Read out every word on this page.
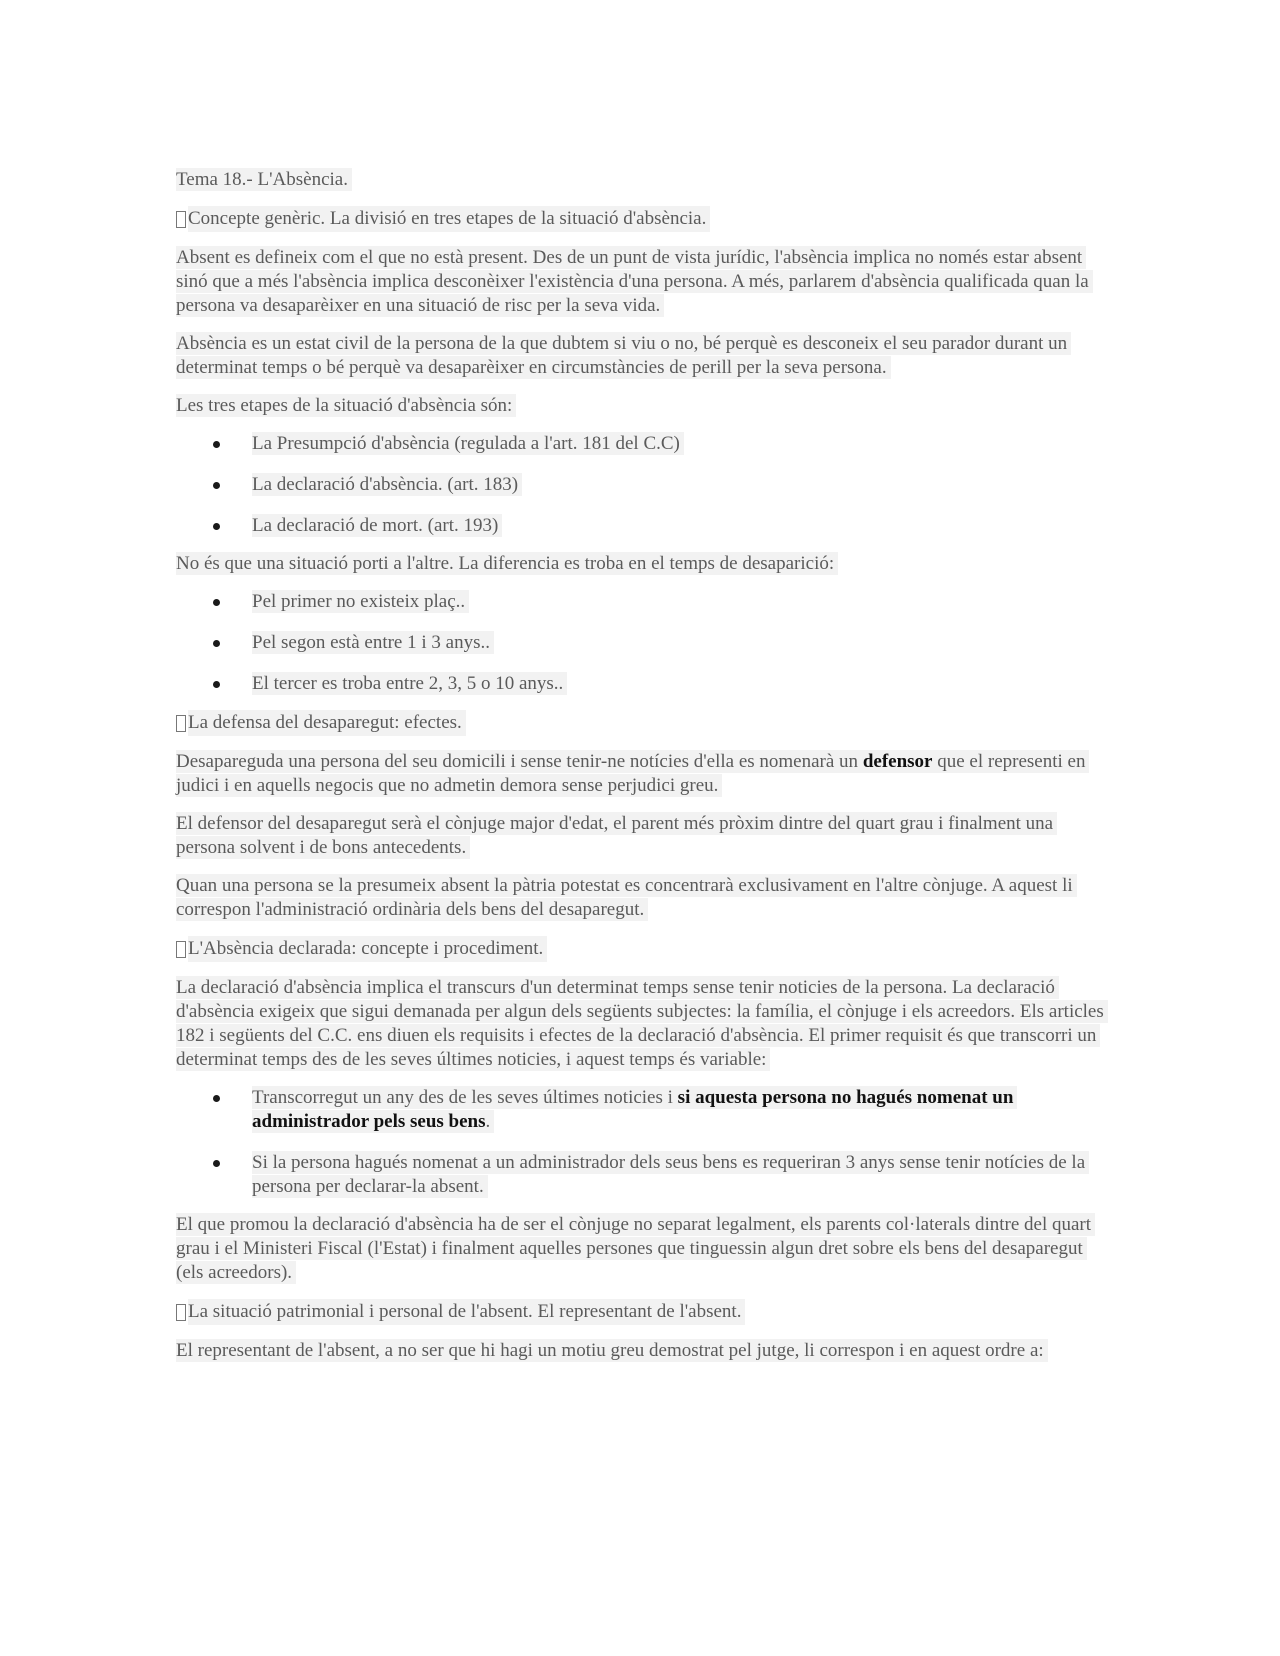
Tema 18.- L'Absència.
Concepte genèric. La divisió en tres etapes de la situació d'absència.

Absent es defineix com el que no està present. Des de un punt de vista jurídic, l'absència implica no només estar absent sinó que a més l'absència implica desconèixer l'existència d'una persona. A més, parlarem d'absència qualificada quan la persona va desaparèixer en una situació de risc per la seva vida.

Absència es un estat civil de la persona de la que dubtem si viu o no, bé perquè es desconeix el seu parador durant un determinat temps o bé perquè va desaparèixer en circumstàncies de perill per la seva persona.

Les tres etapes de la situació d'absència són:

La Presumpció d'absència (regulada a l'art. 181 del C.C)
La declaració d'absència. (art. 183)
La declaració de mort. (art. 193)

No és que una situació porti a l'altre. La diferencia es troba en el temps de desaparició:

Pel primer no existeix plaç..
Pel segon està entre 1 i 3 anys..
El tercer es troba entre 2, 3, 5 o 10 anys..
La defensa del desaparegut: efectes.

Desapareguda una persona del seu domicili i sense tenir-ne notícies d'ella es nomenarà un defensor que el representi en judici i en aquells negocis que no admetin demora sense perjudici greu.

El defensor del desaparegut serà el cònjuge major d'edat, el parent més pròxim dintre del quart grau i finalment una persona solvent i de bons antecedents.

Quan una persona se la presumeix absent la pàtria potestat es concentrarà exclusivament en l'altre cònjuge. A aquest li correspon l'administració ordinària dels bens del desaparegut.

L'Absència declarada: concepte i procediment.

La declaració d'absència implica el transcurs d'un determinat temps sense tenir noticies de la persona. La declaració d'absència exigeix que sigui demanada per algun dels següents subjectes: la família, el cònjuge i els acreedors. Els articles 182 i següents del C.C. ens diuen els requisits i efectes de la declaració d'absència. El primer requisit és que transcorri un determinat temps des de les seves últimes noticies, i aquest temps és variable:

Transcorregut un any des de les seves últimes noticies i si aquesta persona no hagués nomenat un administrador pels seus bens.
Si la persona hagués nomenat a un administrador dels seus bens es requeriran 3 anys sense tenir notícies de la persona per declarar-la absent.

El que promou la declaració d'absència ha de ser el cònjuge no separat legalment, els parents col·laterals dintre del quart grau i el Ministeri Fiscal (l'Estat) i finalment aquelles persones que tinguessin algun dret sobre els bens del desaparegut (els acreedors).

La situació patrimonial i personal de l'absent. El representant de l'absent.

El representant de l'absent, a no ser que hi hagi un motiu greu demostrat pel jutge, li correspon i en aquest ordre a:
